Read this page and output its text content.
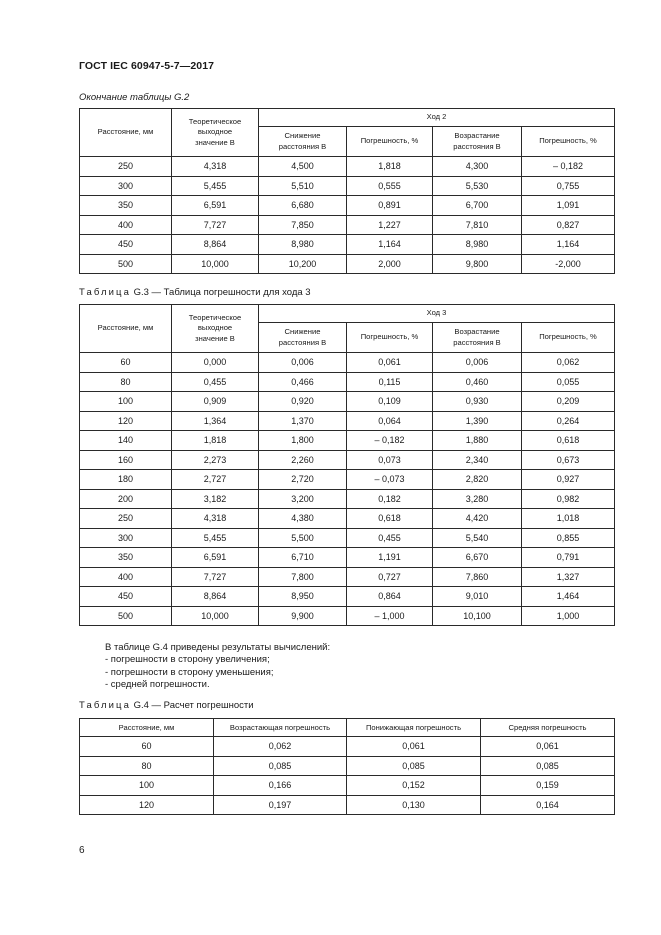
ГОСТ IEC 60947-5-7—2017
Окончание таблицы G.2
Расстояние, мм	Теоретическое выходное значение В	Ход 2			
		Снижение расстояния В	Погрешность, %	Возрастание расстояния В	Погрешность, %
250	4,318	4,500	1,818	4,300	– 0,182
300	5,455	5,510	0,555	5,530	0,755
350	6,591	6,680	0,891	6,700	1,091
400	7,727	7,850	1,227	7,810	0,827
450	8,864	8,980	1,164	8,980	1,164
500	10,000	10,200	2,000	9,800	-2,000
Таблица G.3 — Таблица погрешности для хода 3
Расстояние, мм	Теоретическое выходное значение В	Ход 3			
		Снижение расстояния В	Погрешность, %	Возрастание расстояния В	Погрешность, %
60	0,000	0,006	0,061	0,006	0,062
80	0,455	0,466	0,115	0,460	0,055
100	0,909	0,920	0,109	0,930	0,209
120	1,364	1,370	0,064	1,390	0,264
140	1,818	1,800	– 0,182	1,880	0,618
160	2,273	2,260	0,073	2,340	0,673
180	2,727	2,720	– 0,073	2,820	0,927
200	3,182	3,200	0,182	3,280	0,982
250	4,318	4,380	0,618	4,420	1,018
300	5,455	5,500	0,455	5,540	0,855
350	6,591	6,710	1,191	6,670	0,791
400	7,727	7,800	0,727	7,860	1,327
450	8,864	8,950	0,864	9,010	1,464
500	10,000	9,900	– 1,000	10,100	1,000
В таблице G.4 приведены результаты вычислений:
- погрешности в сторону увеличения;
- погрешности в сторону уменьшения;
- средней погрешности.
Таблица G.4 — Расчет погрешности
Расстояние, мм	Возрастающая погрешность	Понижающая погрешность	Средняя погрешность
60	0,062	0,061	0,061
80	0,085	0,085	0,085
100	0,166	0,152	0,159
120	0,197	0,130	0,164
6
